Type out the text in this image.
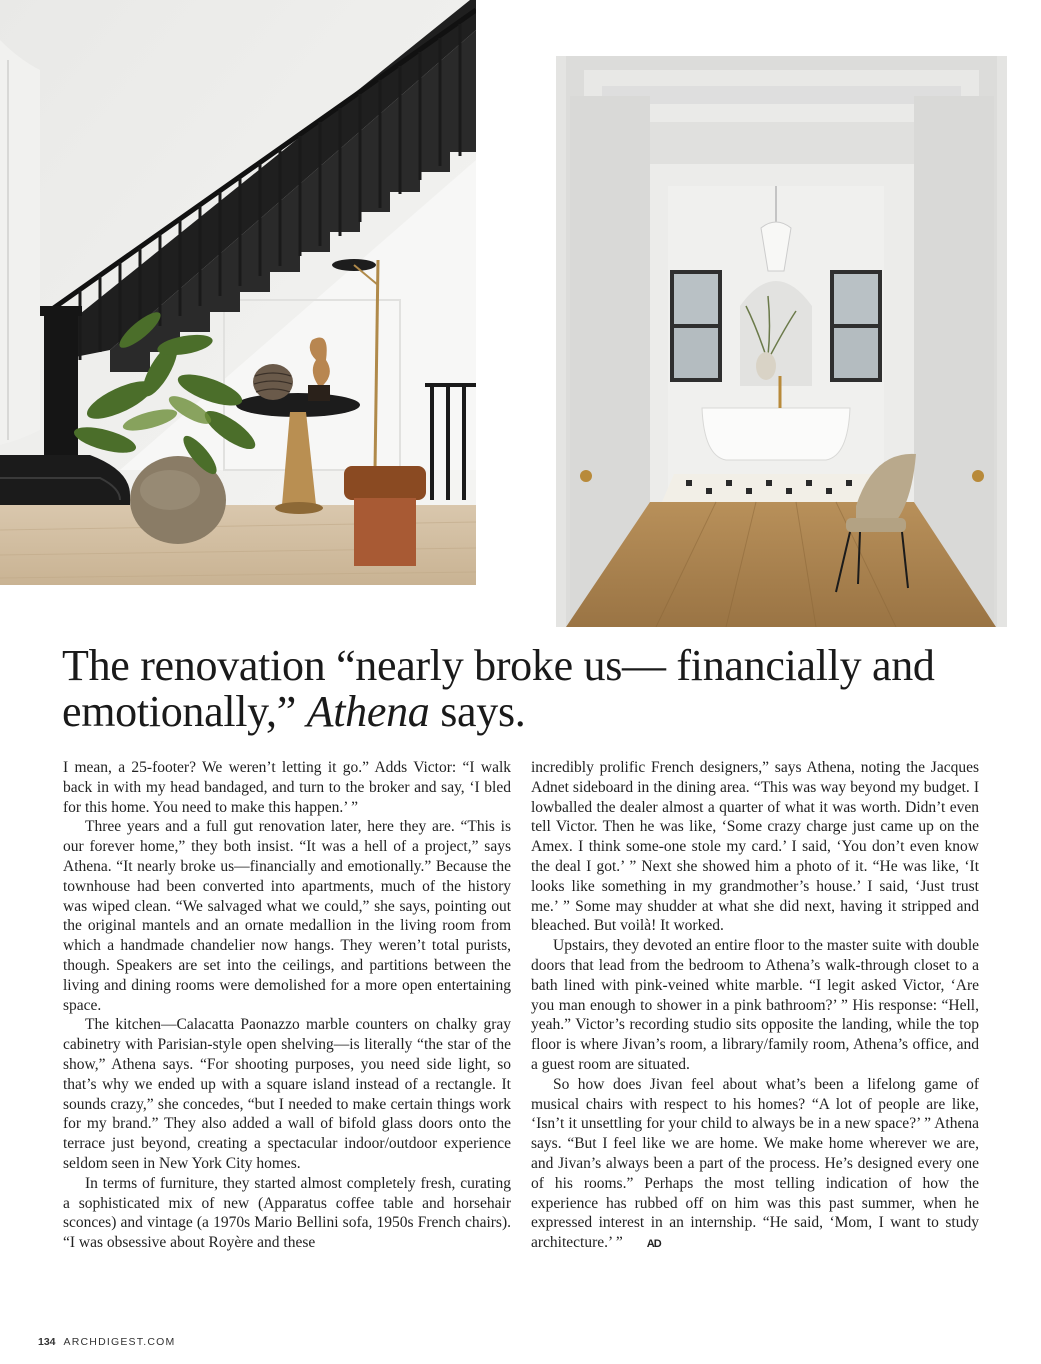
The renovation “nearly broke us— financially and emotionally,” Athena says.

I mean, a 25-footer? We weren’t letting it go.” Adds Victor: “I walk back in with my head bandaged, and turn to the broker and say, ‘I bled for this home. You need to make this happen.’ ”

Three years and a full gut renovation later, here they are. “This is our forever home,” they both insist. “It was a hell of a project,” says Athena. “It nearly broke us—financially and emotionally.” Because the townhouse had been converted into apartments, much of the history was wiped clean. “We salvaged what we could,” she says, pointing out the original mantels and an ornate medallion in the living room from which a handmade chandelier now hangs. They weren’t total purists, though. Speakers are set into the ceilings, and partitions between the living and dining rooms were demolished for a more open entertaining space.

The kitchen—Calacatta Paonazzo marble counters on chalky gray cabinetry with Parisian-style open shelving—is literally “the star of the show,” Athena says. “For shooting purposes, you need side light, so that’s why we ended up with a square island instead of a rectangle. It sounds crazy,” she concedes, “but I needed to make certain things work for my brand.” They also added a wall of bifold glass doors onto the terrace just beyond, creating a spectacular indoor/outdoor experience seldom seen in New York City homes.

In terms of furniture, they started almost completely fresh, curating a sophisticated mix of new (Apparatus coffee table and horsehair sconces) and vintage (a 1970s Mario Bellini sofa, 1950s French chairs). “I was obsessive about Royère and these

incredibly prolific French designers,” says Athena, noting the Jacques Adnet sideboard in the dining area. “This was way beyond my budget. I lowballed the dealer almost a quarter of what it was worth. Didn’t even tell Victor. Then he was like, ‘Some crazy charge just came up on the Amex. I think some-one stole my card.’ I said, ‘You don’t even know the deal I got.’ ” Next she showed him a photo of it. “He was like, ‘It looks like something in my grandmother’s house.’ I said, ‘Just trust me.’ ” Some may shudder at what she did next, having it stripped and bleached. But voilà! It worked.

Upstairs, they devoted an entire floor to the master suite with double doors that lead from the bedroom to Athena’s walk-through closet to a bath lined with pink-veined white marble. “I legit asked Victor, ‘Are you man enough to shower in a pink bathroom?’ ” His response: “Hell, yeah.” Victor’s recording studio sits opposite the landing, while the top floor is where Jivan’s room, a library/family room, Athena’s office, and a guest room are situated.

So how does Jivan feel about what’s been a lifelong game of musical chairs with respect to his homes? “A lot of people are like, ‘Isn’t it unsettling for your child to always be in a new space?’ ” Athena says. “But I feel like we are home. We make home wherever we are, and Jivan’s always been a part of the process. He’s designed every one of his rooms.” Perhaps the most telling indication of how the experience has rubbed off on him was this past summer, when he expressed interest in an internship. “He said, ‘Mom, I want to study architecture.’ ” AD

134 ARCHDIGEST.COM
